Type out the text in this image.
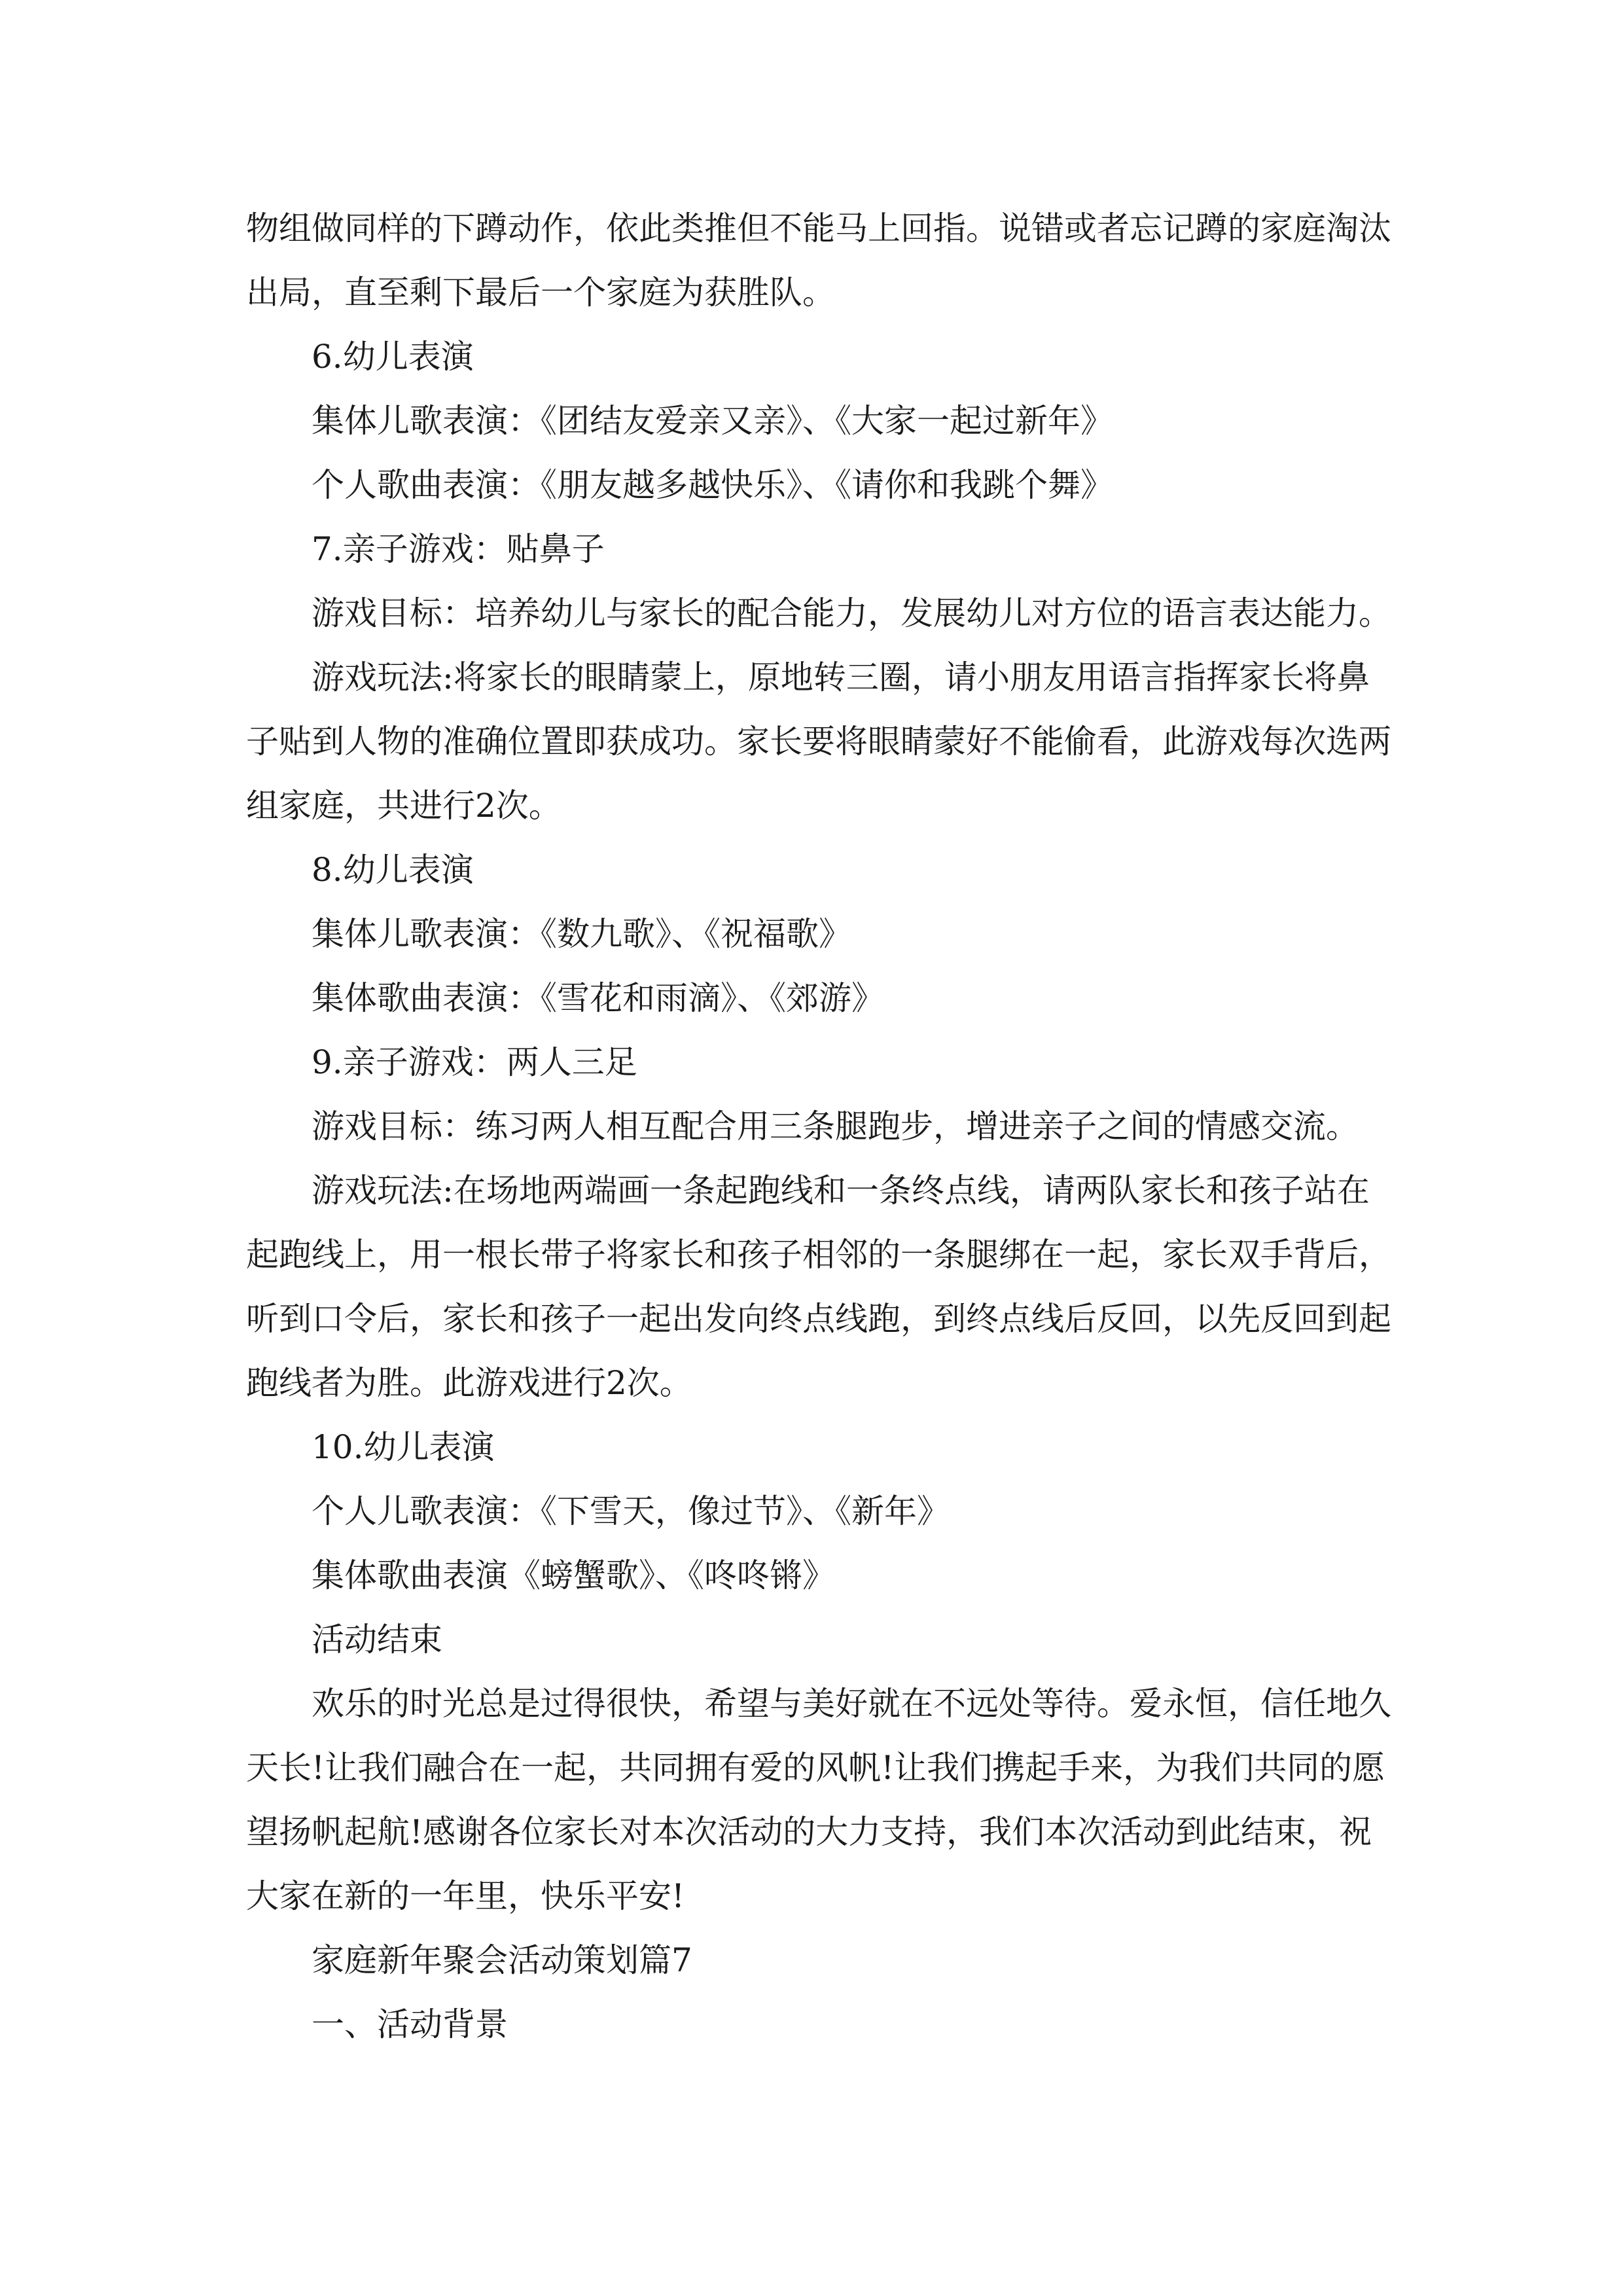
物组做同样的下蹲动作，依此类推但不能马上回指。说错或者忘记蹲的家庭淘汰
出局，直至剩下最后一个家庭为获胜队。
6.幼儿表演
集体儿歌表演：《团结友爱亲又亲》、《大家一起过新年》
个人歌曲表演：《朋友越多越快乐》、《请你和我跳个舞》
7.亲子游戏：贴鼻子
游戏目标：培养幼儿与家长的配合能力，发展幼儿对方位的语言表达能力。
游戏玩法:将家长的眼睛蒙上，原地转三圈，请小朋友用语言指挥家长将鼻
子贴到人物的准确位置即获成功。家长要将眼睛蒙好不能偷看，此游戏每次选两
组家庭，共进行2次。
8.幼儿表演
集体儿歌表演：《数九歌》、《祝福歌》
集体歌曲表演：《雪花和雨滴》、《郊游》
9.亲子游戏：两人三足
游戏目标：练习两人相互配合用三条腿跑步，增进亲子之间的情感交流。
游戏玩法:在场地两端画一条起跑线和一条终点线，请两队家长和孩子站在
起跑线上，用一根长带子将家长和孩子相邻的一条腿绑在一起，家长双手背后，
听到口令后，家长和孩子一起出发向终点线跑，到终点线后反回，以先反回到起
跑线者为胜。此游戏进行2次。
10.幼儿表演
个人儿歌表演：《下雪天，像过节》、《新年》
集体歌曲表演《螃蟹歌》、《咚咚锵》
活动结束
欢乐的时光总是过得很快，希望与美好就在不远处等待。爱永恒，信任地久
天长!让我们融合在一起，共同拥有爱的风帆!让我们携起手来，为我们共同的愿
望扬帆起航!感谢各位家长对本次活动的大力支持，我们本次活动到此结束，祝
大家在新的一年里，快乐平安!
家庭新年聚会活动策划篇7
一、活动背景
